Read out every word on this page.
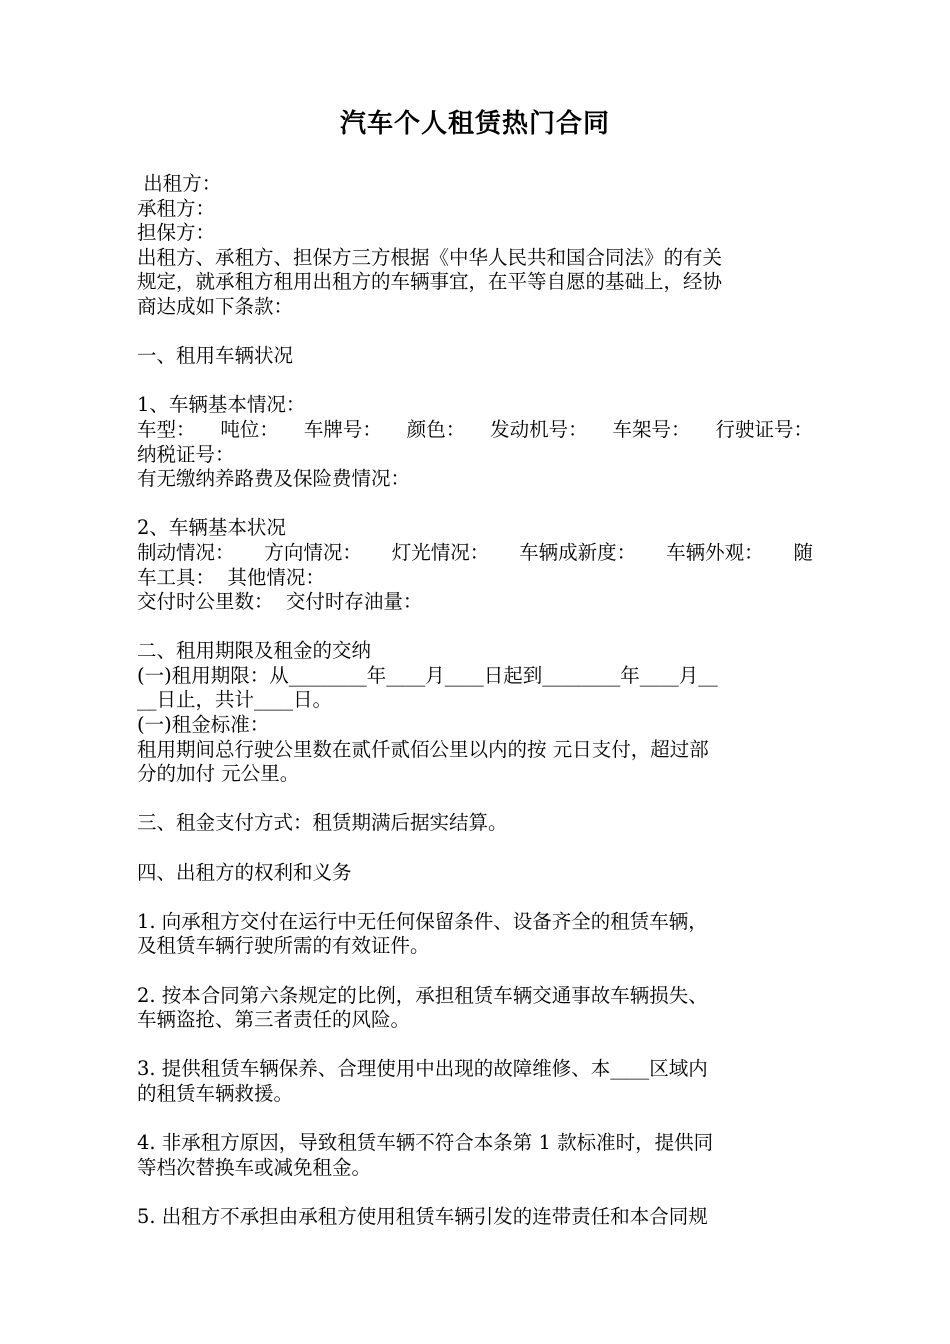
汽车个人租赁热门合同
出租方：
承租方：
担保方：
出租方、承租方、担保方三方根据《中华人民共和国合同法》的有关
规定，就承租方租用出租方的车辆事宜，在平等自愿的基础上，经协
商达成如下条款：
一、租用车辆状况
1、车辆基本情况：
车型： 吨位： 车牌号： 颜色： 发动机号： 车架号： 行驶证号：
纳税证号：
有无缴纳养路费及保险费情况：
2、车辆基本状况
制动情况： 方向情况： 灯光情况： 车辆成新度： 车辆外观： 随
车工具：  其他情况：
交付时公里数：  交付时存油量：
二、租用期限及租金的交纳
(一)租用期限：从________年____月____日起到________年____月__
__日止，共计____日。
(一)租金标准：
租用期间总行驶公里数在贰仟贰佰公里以内的按 元日支付，超过部
分的加付 元公里。
三、租金支付方式：租赁期满后据实结算。
四、出租方的权利和义务
1. 向承租方交付在运行中无任何保留条件、设备齐全的租赁车辆，
及租赁车辆行驶所需的有效证件。
2. 按本合同第六条规定的比例，承担租赁车辆交通事故车辆损失、
车辆盗抢、第三者责任的风险。
3. 提供租赁车辆保养、合理使用中出现的故障维修、本____区域内
的租赁车辆救援。
4. 非承租方原因，导致租赁车辆不符合本条第 1 款标准时，提供同
等档次替换车或减免租金。
5. 出租方不承担由承租方使用租赁车辆引发的连带责任和本合同规
